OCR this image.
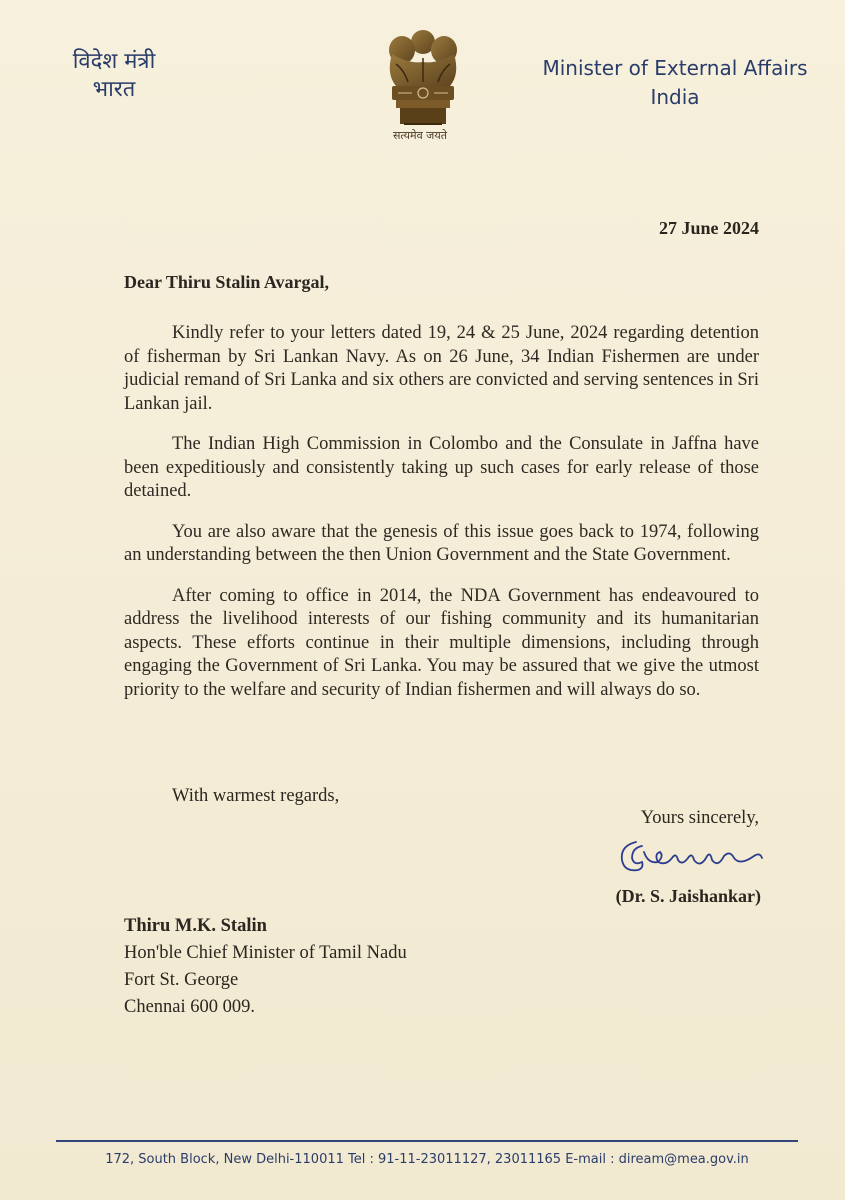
विदेश मंत्री
भारत
सत्यमेव जयते
Minister of External Affairs
India
27 June 2024
Dear Thiru Stalin Avargal,

Kindly refer to your letters dated 19, 24 & 25 June, 2024 regarding detention of fisherman by Sri Lankan Navy. As on 26 June, 34 Indian Fishermen are under judicial remand of Sri Lanka and six others are convicted and serving sentences in Sri Lankan jail.

The Indian High Commission in Colombo and the Consulate in Jaffna have been expeditiously and consistently taking up such cases for early release of those detained.

You are also aware that the genesis of this issue goes back to 1974, following an understanding between the then Union Government and the State Government.

After coming to office in 2014, the NDA Government has endeavoured to address the livelihood interests of our fishing community and its humanitarian aspects. These efforts continue in their multiple dimensions, including through engaging the Government of Sri Lanka. You may be assured that we give the utmost priority to the welfare and security of Indian fishermen and will always do so.

With warmest regards,
Yours sincerely,
(Dr. S. Jaishankar)
Thiru M.K. Stalin
Hon'ble Chief Minister of Tamil Nadu
Fort St. George
Chennai 600 009.
172, South Block, New Delhi-110011 Tel : 91-11-23011127, 23011165 E-mail : diream@mea.gov.in
